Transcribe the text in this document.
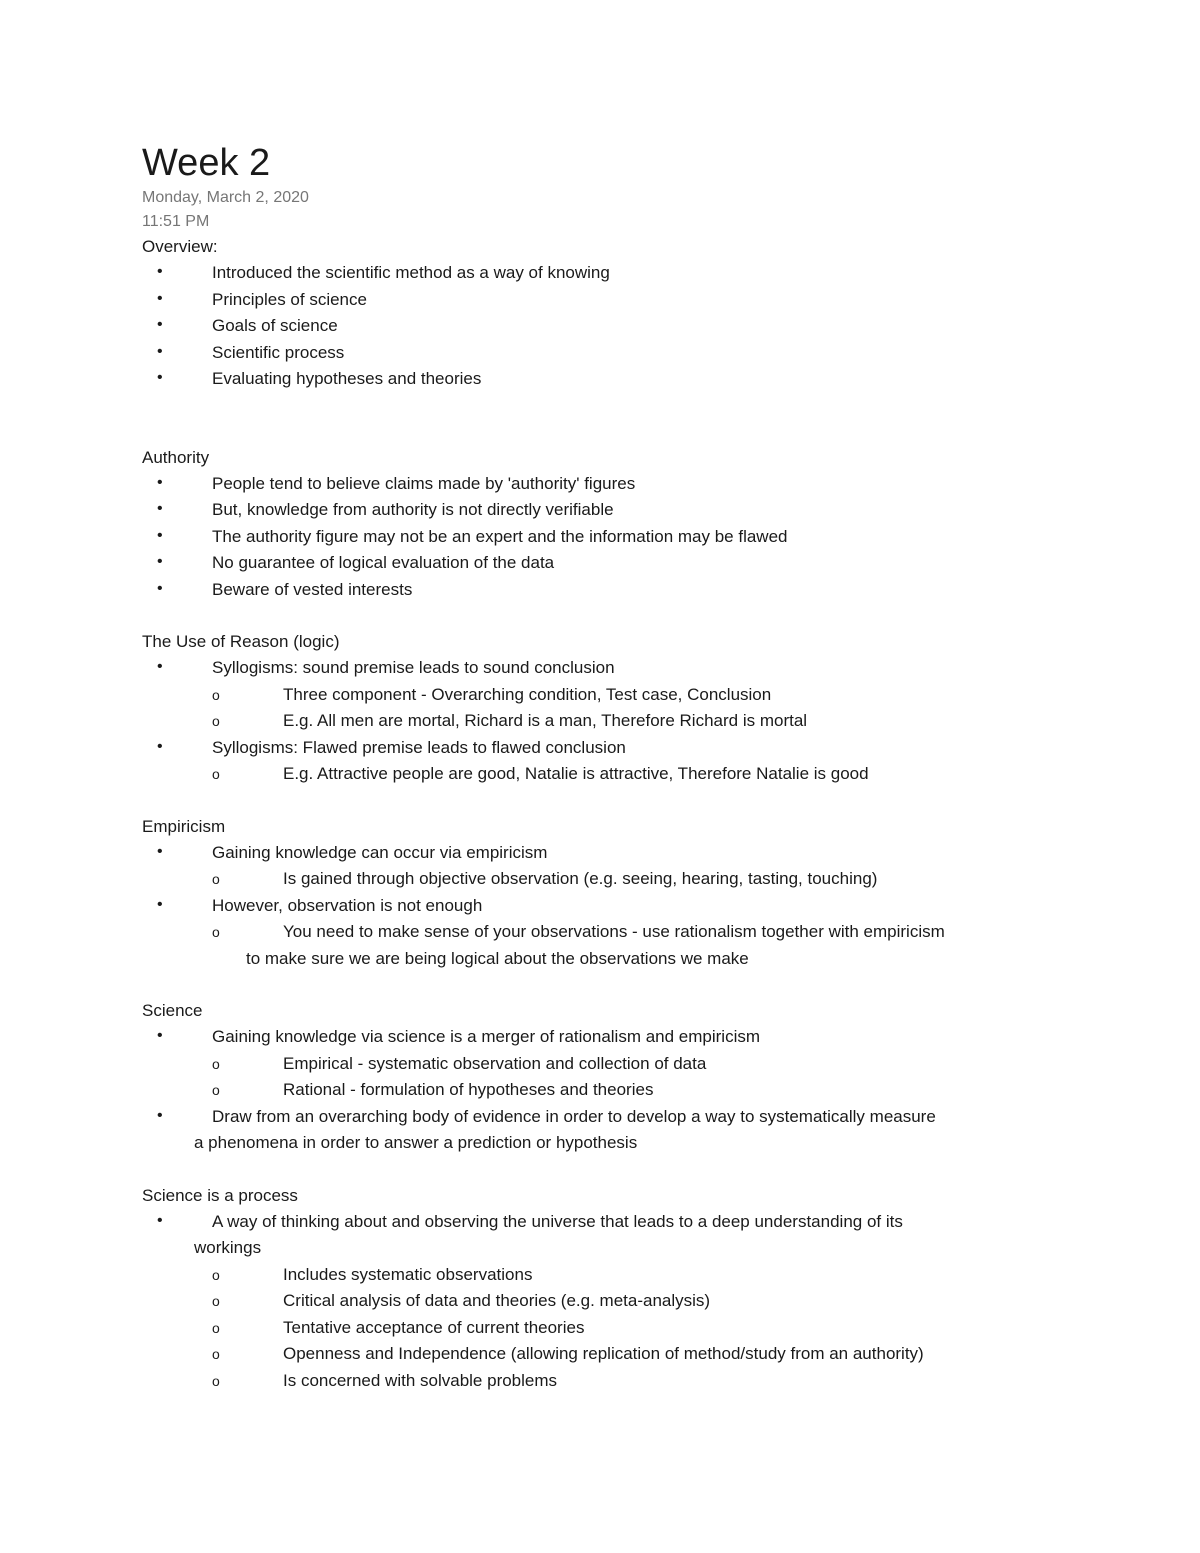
Week 2
Monday, March 2, 2020
11:51 PM
Overview:
•	Introduced the scientific method as a way of knowing
•	Principles of science
•	Goals of science
•	Scientific process
•	Evaluating hypotheses and theories
Authority
•	People tend to believe claims made by 'authority' figures
•	But, knowledge from authority is not directly verifiable
•	The authority figure may not be an expert and the information may be flawed
•	No guarantee of logical evaluation of the data
•	Beware of vested interests
The Use of Reason (logic)
•	Syllogisms: sound premise leads to sound conclusion
o	Three component - Overarching condition, Test case, Conclusion
o	E.g. All men are mortal, Richard is a man, Therefore Richard is mortal
•	Syllogisms: Flawed premise leads to flawed conclusion
o	E.g. Attractive people are good, Natalie is attractive, Therefore Natalie is good
Empiricism
•	Gaining knowledge can occur via empiricism
o	Is gained through objective observation (e.g. seeing, hearing, tasting, touching)
•	However, observation is not enough
o	You need to make sense of your observations - use rationalism together with empiricism
to make sure we are being logical about the observations we make
Science
•	Gaining knowledge via science is a merger of rationalism and empiricism
o	Empirical - systematic observation and collection of data
o	Rational - formulation of hypotheses and theories
•	Draw from an overarching body of evidence in order to develop a way to systematically measure
a phenomena in order to answer a prediction or hypothesis
Science is a process
•	A way of thinking about and observing the universe that leads to a deep understanding of its
workings
o	Includes systematic observations
o	Critical analysis of data and theories (e.g. meta-analysis)
o	Tentative acceptance of current theories
o	Openness and Independence (allowing replication of method/study from an authority)
o	Is concerned with solvable problems
